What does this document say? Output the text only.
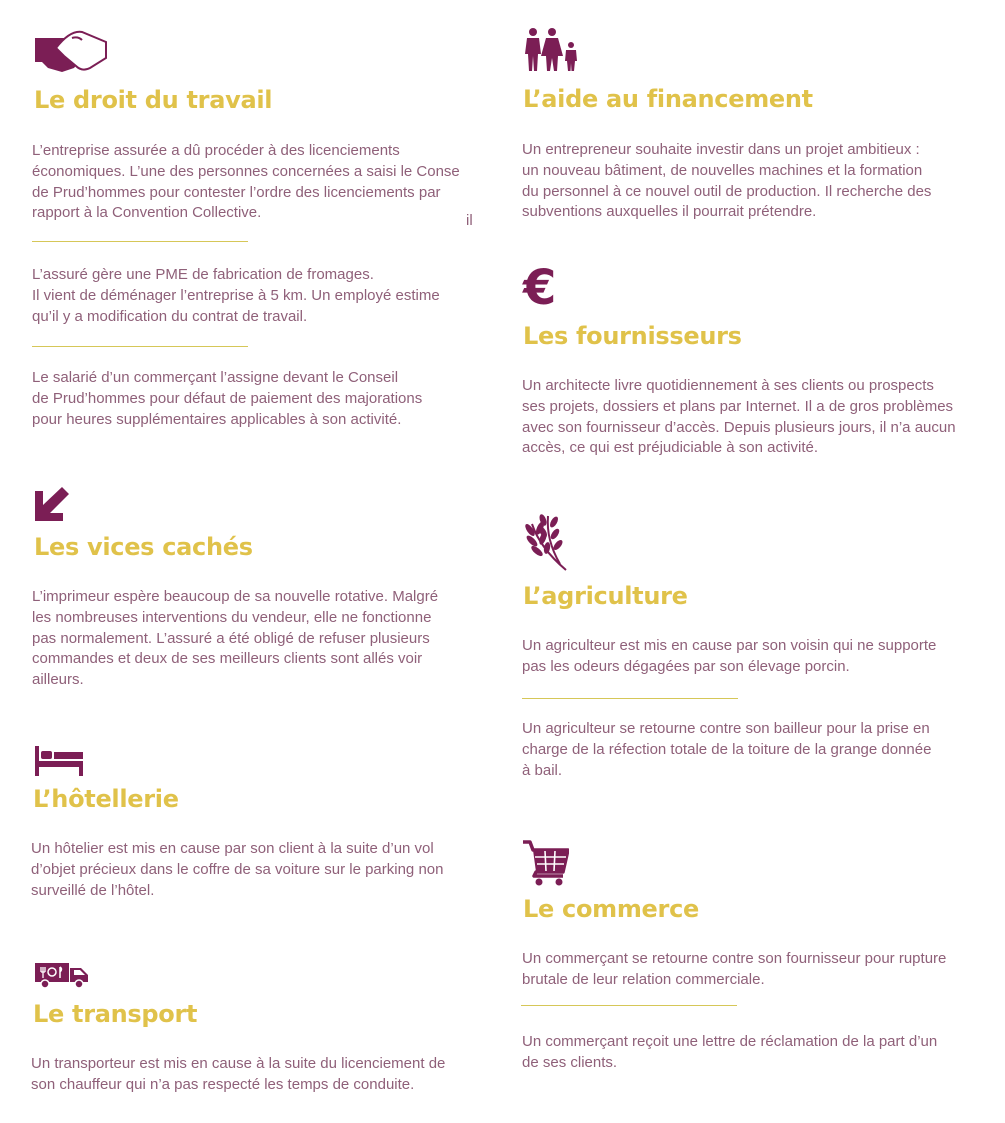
Le droit du travail

L’entreprise assurée a dû procéder à des licenciements
économiques. L’une des personnes concernées a saisi le Conse
de Prud’hommes pour contester l’ordre des licenciements par
rapport à la Convention Collective.	il

L’assuré gère une PME de fabrication de fromages.
Il vient de déménager l’entreprise à 5 km. Un employé estime
qu’il y a modification du contrat de travail.

Le salarié d’un commerçant l’assigne devant le Conseil
de Prud’hommes pour défaut de paiement des majorations
pour heures supplémentaires applicables à son activité.

Les vices cachés

L’imprimeur espère beaucoup de sa nouvelle rotative. Malgré
les nombreuses interventions du vendeur, elle ne fonctionne
pas normalement. L’assuré a été obligé de refuser plusieurs
commandes et deux de ses meilleurs clients sont allés voir
ailleurs.

L’hôtellerie

Un hôtelier est mis en cause par son client à la suite d’un vol
d’objet précieux dans le coffre de sa voiture sur le parking non
surveillé de l’hôtel.

Le transport

Un transporteur est mis en cause à la suite du licenciement de
son chauffeur qui n’a pas respecté les temps de conduite.

L’aide au financement

Un entrepreneur souhaite investir dans un projet ambitieux :
un nouveau bâtiment, de nouvelles machines et la formation
du personnel à ce nouvel outil de production. Il recherche des
subventions auxquelles il pourrait prétendre.

€
Les fournisseurs

Un architecte livre quotidiennement à ses clients ou prospects
ses projets, dossiers et plans par Internet. Il a de gros problèmes
avec son fournisseur d’accès. Depuis plusieurs jours, il n’a aucun
accès, ce qui est préjudiciable à son activité.

L’agriculture

Un agriculteur est mis en cause par son voisin qui ne supporte
pas les odeurs dégagées par son élevage porcin.

Un agriculteur se retourne contre son bailleur pour la prise en
charge de la réfection totale de la toiture de la grange donnée
à bail.

Le commerce

Un commerçant se retourne contre son fournisseur pour rupture
brutale de leur relation commerciale.

Un commerçant reçoit une lettre de réclamation de la part d’un
de ses clients.
